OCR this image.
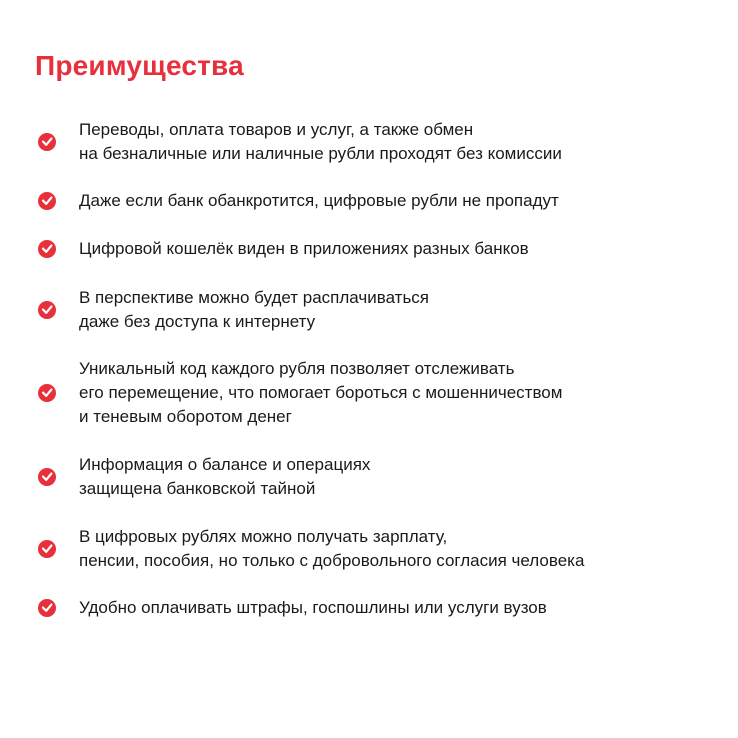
Преимущества
Переводы, оплата товаров и услуг, а также обмен
на безналичные или наличные рубли проходят без комиссии
Даже если банк обанкротится, цифровые рубли не пропадут
Цифровой кошелёк виден в приложениях разных банков
В перспективе можно будет расплачиваться
даже без доступа к интернету
Уникальный код каждого рубля позволяет отслеживать
его перемещение, что помогает бороться с мошенничеством
и теневым оборотом денег
Информация о балансе и операциях
защищена банковской тайной
В цифровых рублях можно получать зарплату,
пенсии, пособия, но только с добровольного согласия человека
Удобно оплачивать штрафы, госпошлины или услуги вузов
